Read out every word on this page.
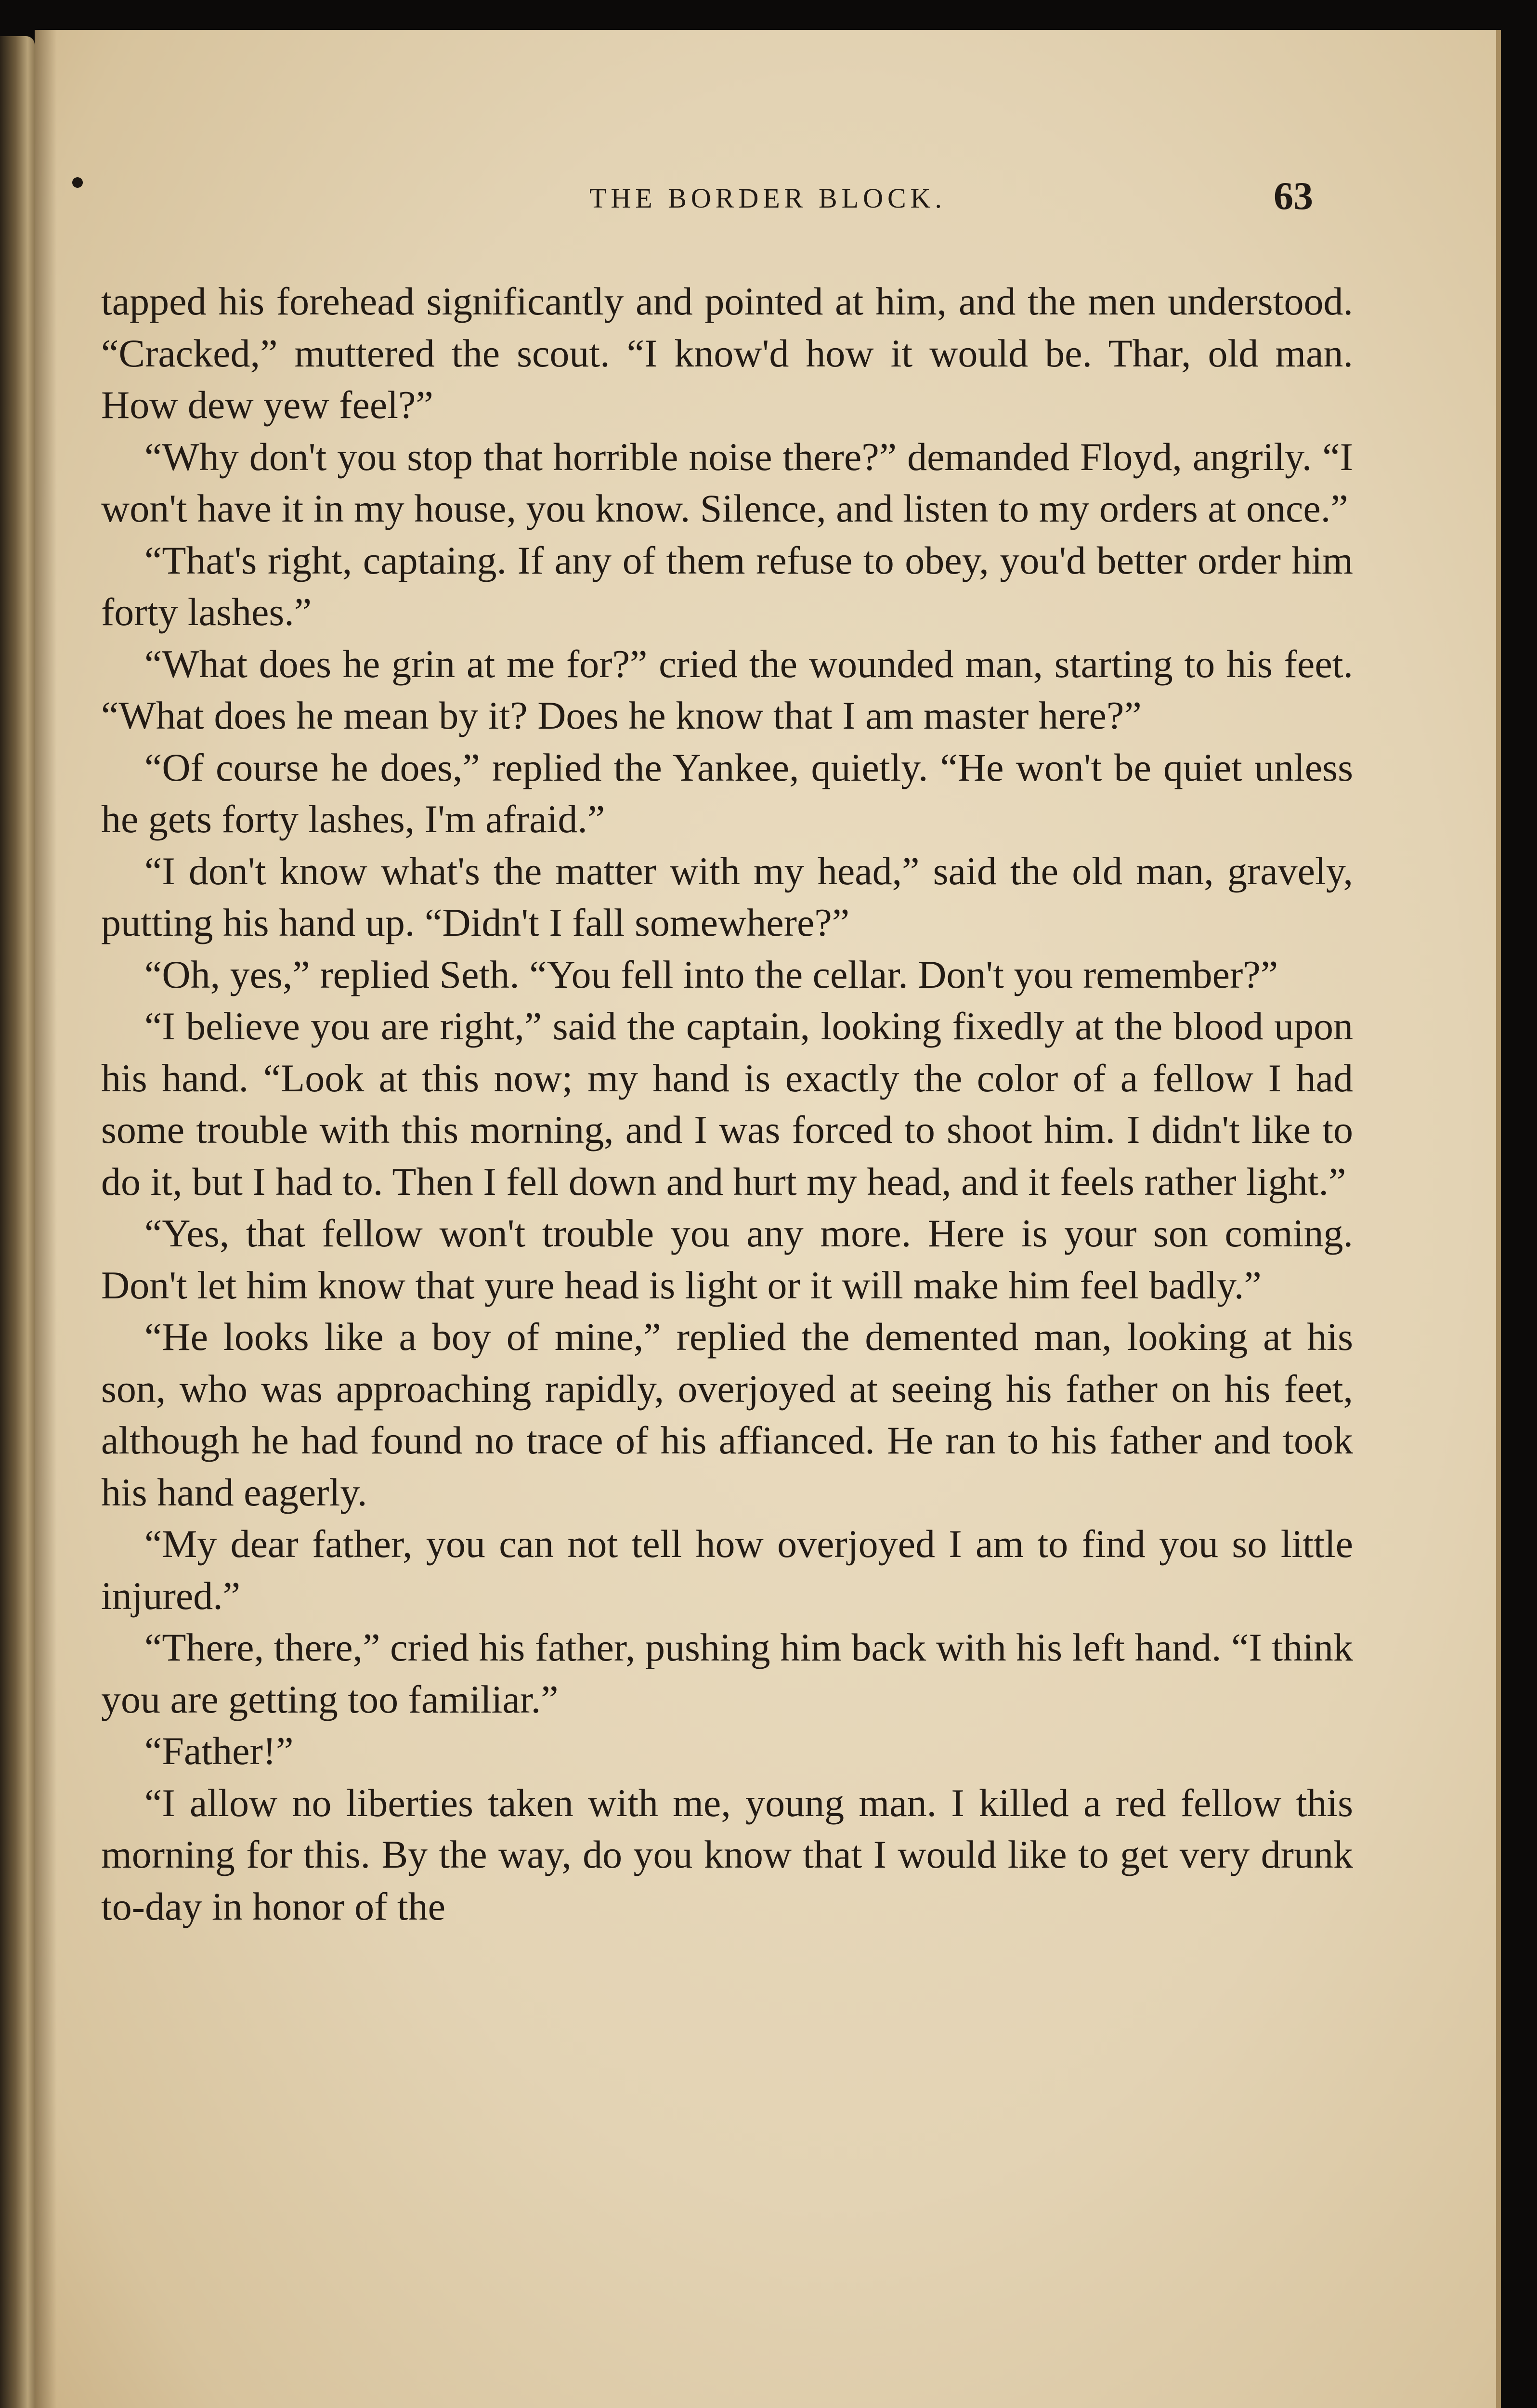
THE BORDER BLOCK.	63

tapped his forehead significantly and pointed at him, and the men understood. “Cracked,” muttered the scout. “I know'd how it would be. Thar, old man. How dew yew feel?”

“Why don't you stop that horrible noise there?” demanded Floyd, angrily. “I won't have it in my house, you know. Silence, and listen to my orders at once.”

“That's right, captaing. If any of them refuse to obey, you'd better order him forty lashes.”

“What does he grin at me for?” cried the wounded man, starting to his feet. “What does he mean by it? Does he know that I am master here?”

“Of course he does,” replied the Yankee, quietly. “He won't be quiet unless he gets forty lashes, I'm afraid.”

“I don't know what's the matter with my head,” said the old man, gravely, putting his hand up. “Didn't I fall somewhere?”

“Oh, yes,” replied Seth. “You fell into the cellar. Don't you remember?”

“I believe you are right,” said the captain, looking fixedly at the blood upon his hand. “Look at this now; my hand is exactly the color of a fellow I had some trouble with this morning, and I was forced to shoot him. I didn't like to do it, but I had to. Then I fell down and hurt my head, and it feels rather light.”

“Yes, that fellow won't trouble you any more. Here is your son coming. Don't let him know that yure head is light or it will make him feel badly.”

“He looks like a boy of mine,” replied the demented man, looking at his son, who was approaching rapidly, overjoyed at seeing his father on his feet, although he had found no trace of his affianced. He ran to his father and took his hand eagerly.

“My dear father, you can not tell how overjoyed I am to find you so little injured.”

“There, there,” cried his father, pushing him back with his left hand. “I think you are getting too familiar.”

“Father!”

“I allow no liberties taken with me, young man. I killed a red fellow this morning for this. By the way, do you know that I would like to get very drunk to-day in honor of the
